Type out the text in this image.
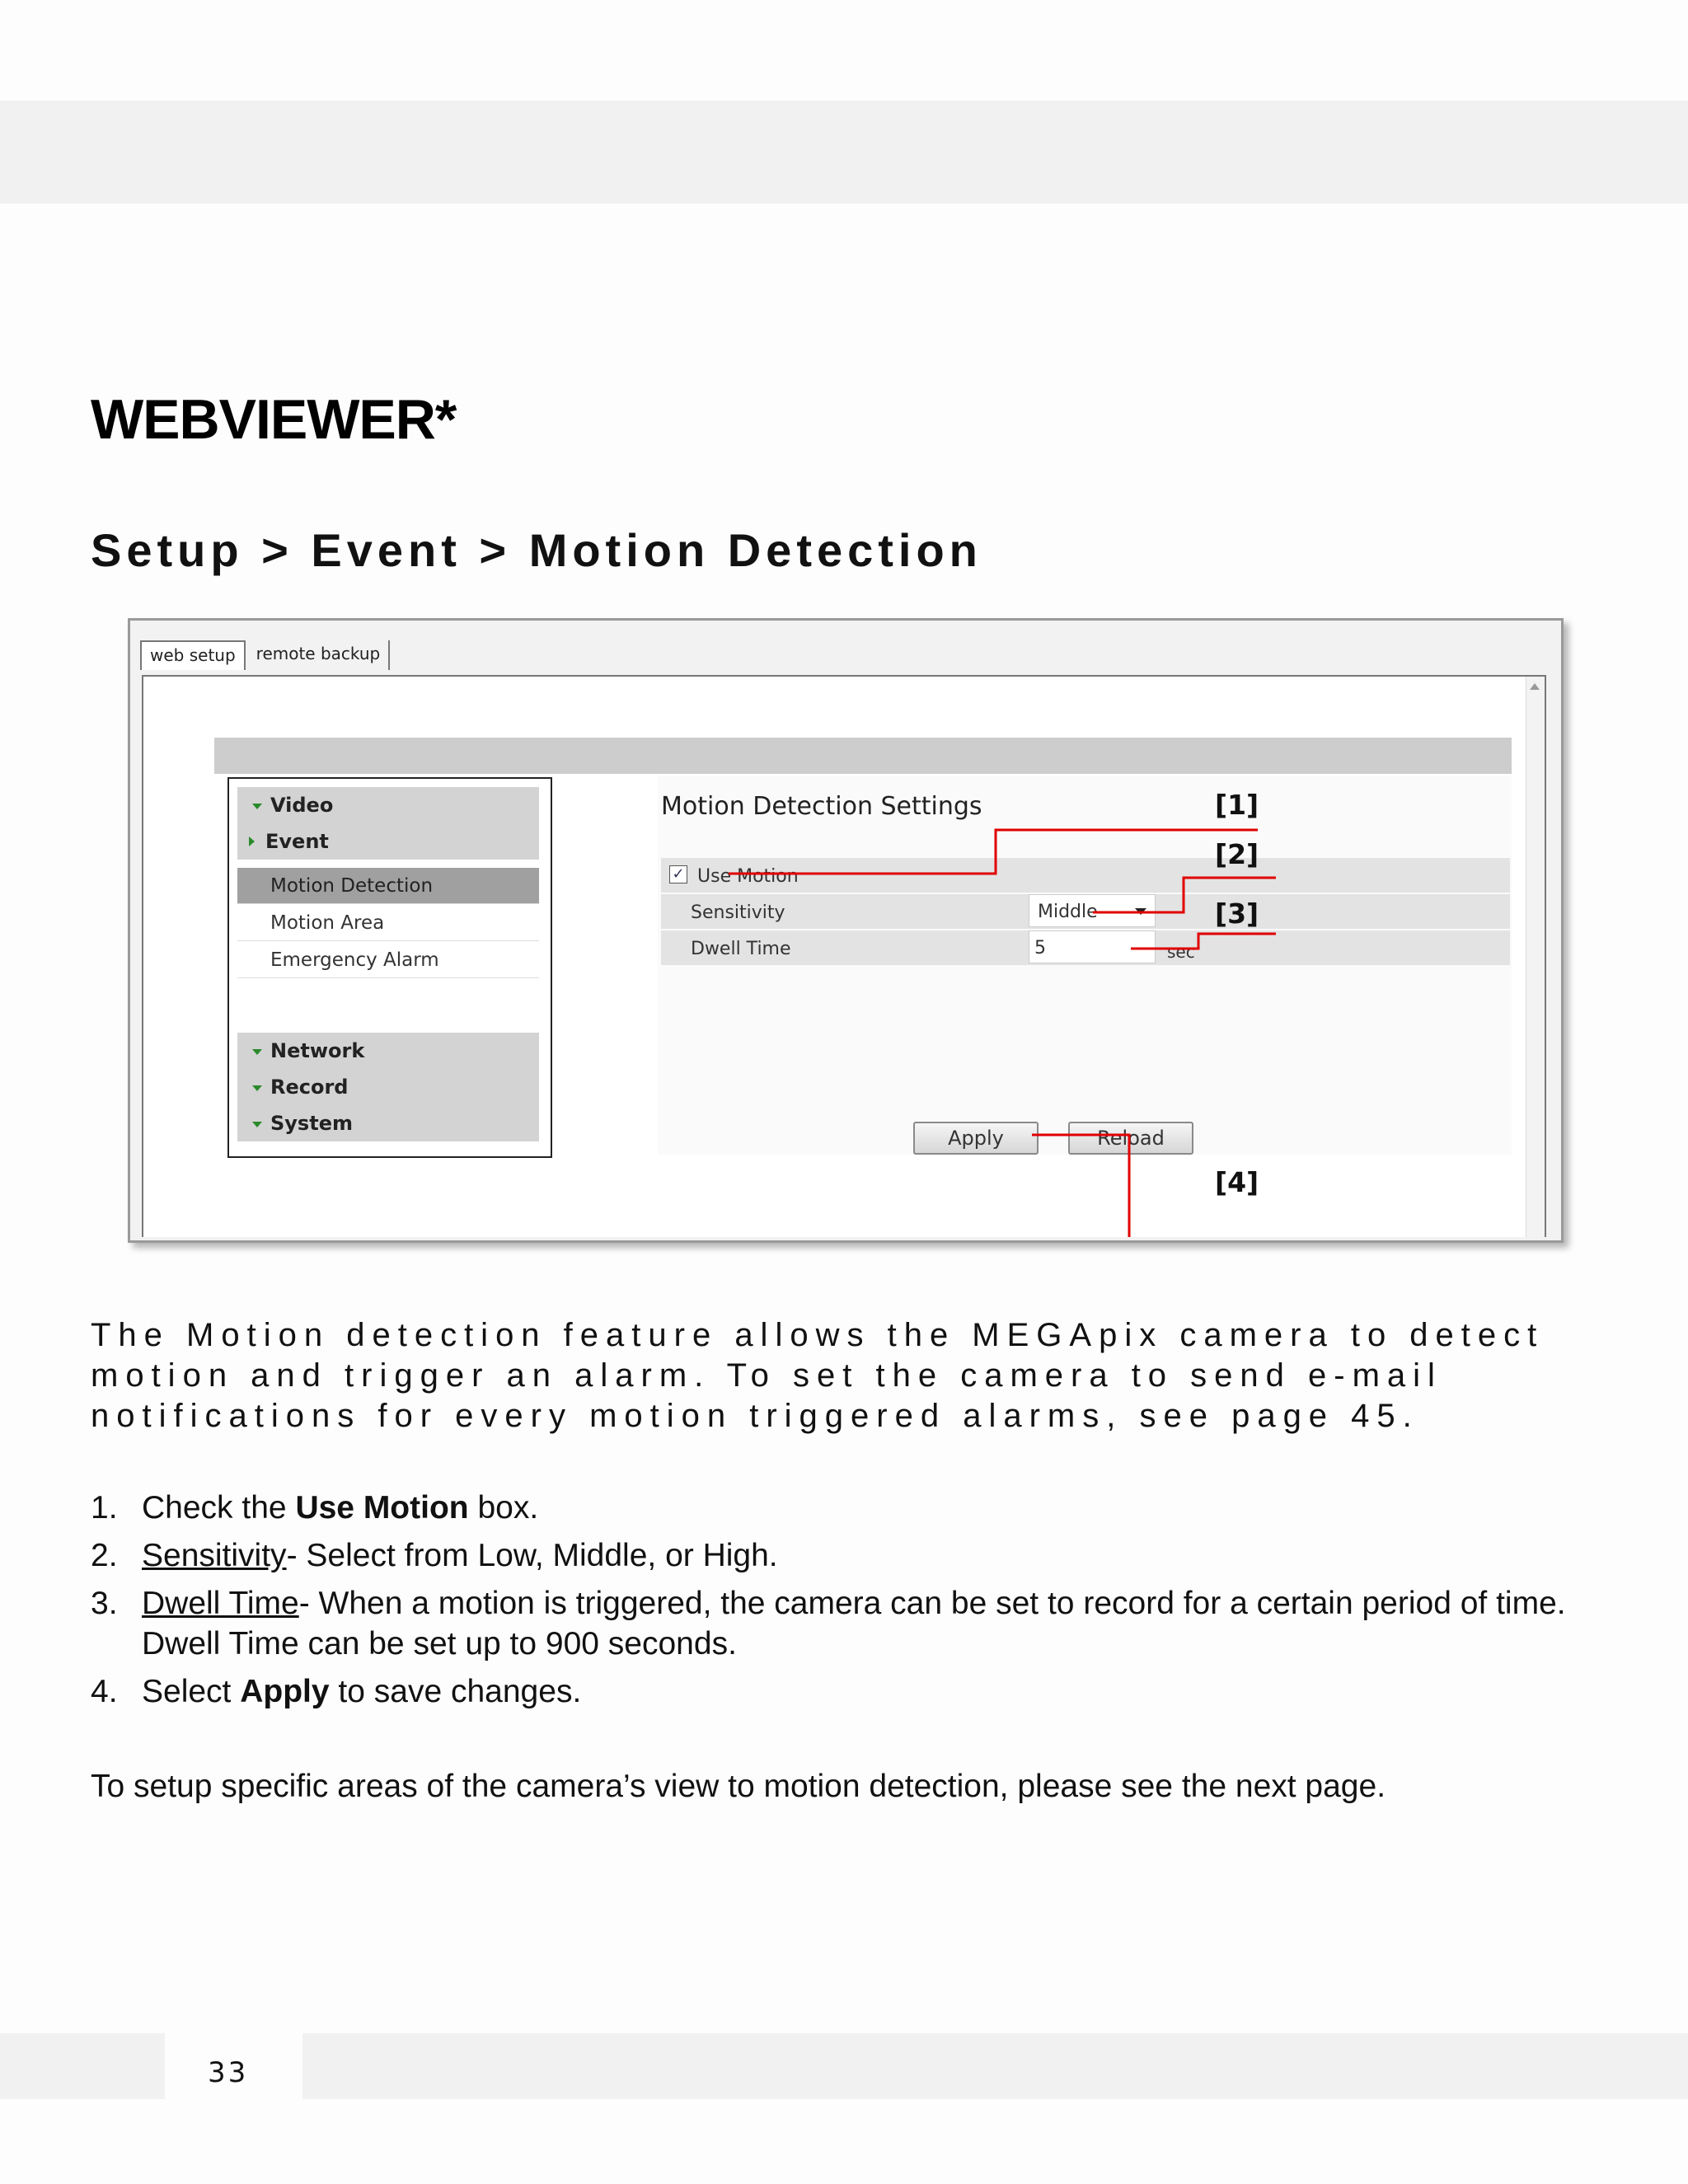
WEBVIEWER*
Setup > Event > Motion Detection
web setup	remote backup
Video
Event
Motion Detection
Motion Area
Emergency Alarm
Network
Record
System
Motion Detection Settings
✓ Use Motion
Sensitivity	Middle
Dwell Time	5	sec
Apply	Reload
[1]
[2]
[3]
[4]

The Motion detection feature allows the MEGApix camera to detect motion and trigger an alarm. To set the camera to send e-mail notifications for every motion triggered alarms, see page 45.

1. Check the Use Motion box.
2. Sensitivity- Select from Low, Middle, or High.
3. Dwell Time- When a motion is triggered, the camera can be set to record for a certain period of time. Dwell Time can be set up to 900 seconds.
4. Select Apply to save changes.

To setup specific areas of the camera’s view to motion detection, please see the next page.

33
